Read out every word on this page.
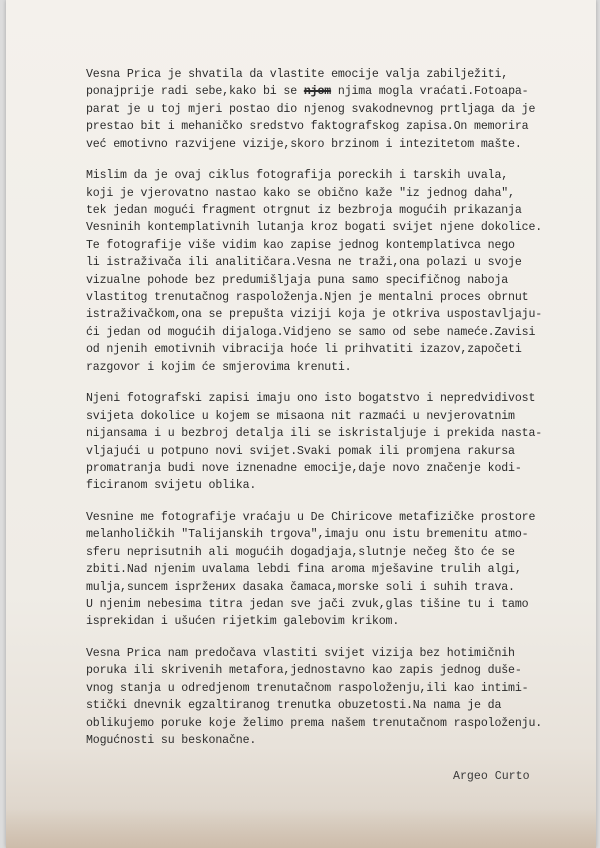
Vesna Prica je shvatila da vlastite emocije valja zabilježiti,
ponajprije radi sebe,kako bi se njom njima mogla vraćati.Fotoapa-
parat je u toj mjeri postao dio njenog svakodnevnog prtljaga da je
prestao bit i mehaničko sredstvo faktografskog zapisa.On memorira
već emotivno razvijene vizije,skoro brzinom i intezitetom mašte.

Mislim da je ovaj ciklus fotografija poreckih i tarskih uvala,
koji je vjerovatno nastao kako se obično kaže "iz jednog daha",
tek jedan mogući fragment otrgnut iz bezbroja mogućih prikazanja
Vesninih kontemplativnih lutanja kroz bogati svijet njene dokolice.
Te fotografije više vidim kao zapise jednog kontemplativca nego
li istraživača ili analitičara.Vesna ne traži,ona polazi u svoje
vizualne pohode bez predumišljaja puna samo specifičnog naboja
vlastitog trenutačnog raspoloženja.Njen je mentalni proces obrnut
istraživačkom,ona se prepušta viziji koja je otkriva uspostavljaju-
ći jedan od mogućih dijaloga.Vidjeno se samo od sebe nameće.Zavisi
od njenih emotivnih vibracija hoće li prihvatiti izazov,započeti
razgovor i kojim će smjerovima krenuti.

Njeni fotografski zapisi imaju ono isto bogatstvo i nepredvidivost
svijeta dokolice u kojem se misaona nit razmaći u nevjerovatnim
nijansama i u bezbroj detalja ili se iskristaljuje i prekida nasta-
vljajući u potpuno novi svijet.Svaki pomak ili promjena rakursa
promatranja budi nove iznenadne emocije,daje novo značenje kodi-
ficiranom svijetu oblika.

Vesnine me fotografije vraćaju u De Chiricove metafizičke prostore
melanholičkih "Talijanskih trgova",imaju onu istu bremenitu atmo-
sferu neprisutnih ali mogućih dogadjaja,slutnje nečeg što će se
zbiti.Nad njenim uvalama lebdi fina aroma mješavine trulih algi,
mulja,suncem ispržених dasaka čamaca,morske soli i suhih trava.
U njenim nebesima titra jedan sve jači zvuk,glas tišine tu i tamo
isprekidan i ušućen rijetkim galebovim krikom.

Vesna Prica nam predočava vlastiti svijet vizija bez hotimičnih
poruka ili skrivenih metafora,jednostavno kao zapis jednog duše-
vnog stanja u odredjenom trenutačnom raspoloženju,ili kao intimi-
stički dnevnik egzaltiranog trenutka obuzetosti.Na nama je da
oblikujemo poruke koje želimo prema našem trenutačnom raspoloženju.
Mogućnosti su beskonačne.

Argeo Curto
